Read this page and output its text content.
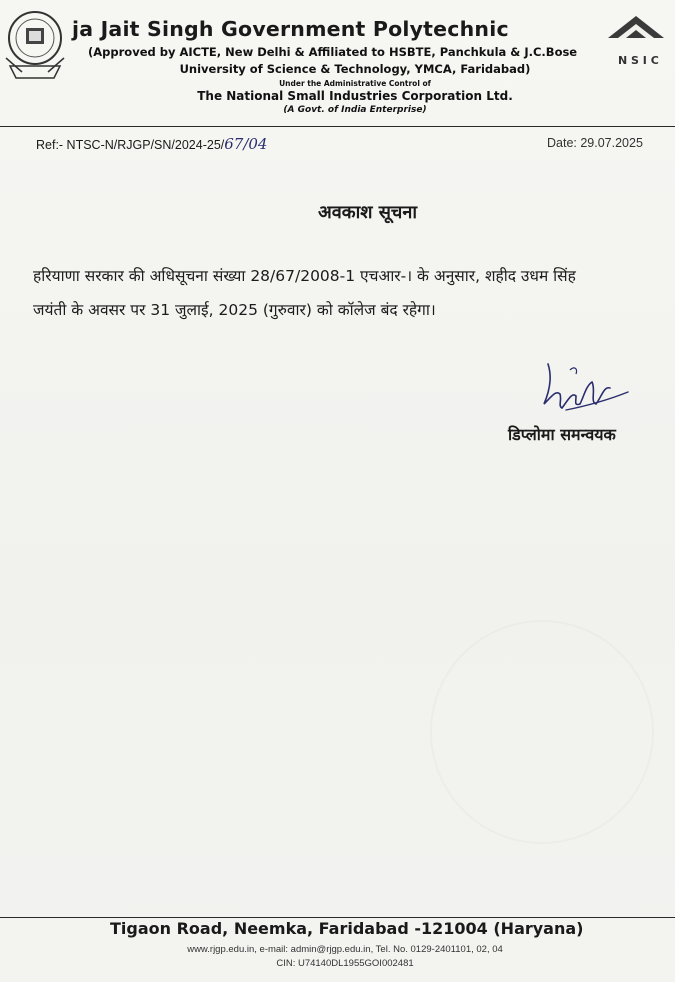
N S I C
ja Jait Singh Government Polytechnic
(Approved by AICTE, New Delhi & Affiliated to HSBTE, Panchkula & J.C.Bose
University of Science & Technology, YMCA, Faridabad)
Under the Administrative Control of
The National Small Industries Corporation Ltd.
(A Govt. of India Enterprise)
Ref:- NTSC-N/RJGP/SN/2024-25/67/04	Date: 29.07.2025
अवकाश सूचना
हरियाणा सरकार की अधिसूचना संख्या 28/67/2008-1 एचआर-। के अनुसार, शहीद उधम सिंह
जयंती के अवसर पर 31 जुलाई, 2025 (गुरुवार) को कॉलेज बंद रहेगा।
डिप्लोमा समन्वयक
Tigaon Road, Neemka, Faridabad -121004 (Haryana)
www.rjgp.edu.in, e-mail: admin@rjgp.edu.in, Tel. No. 0129-2401101, 02, 04
CIN: U74140DL1955GOI002481
